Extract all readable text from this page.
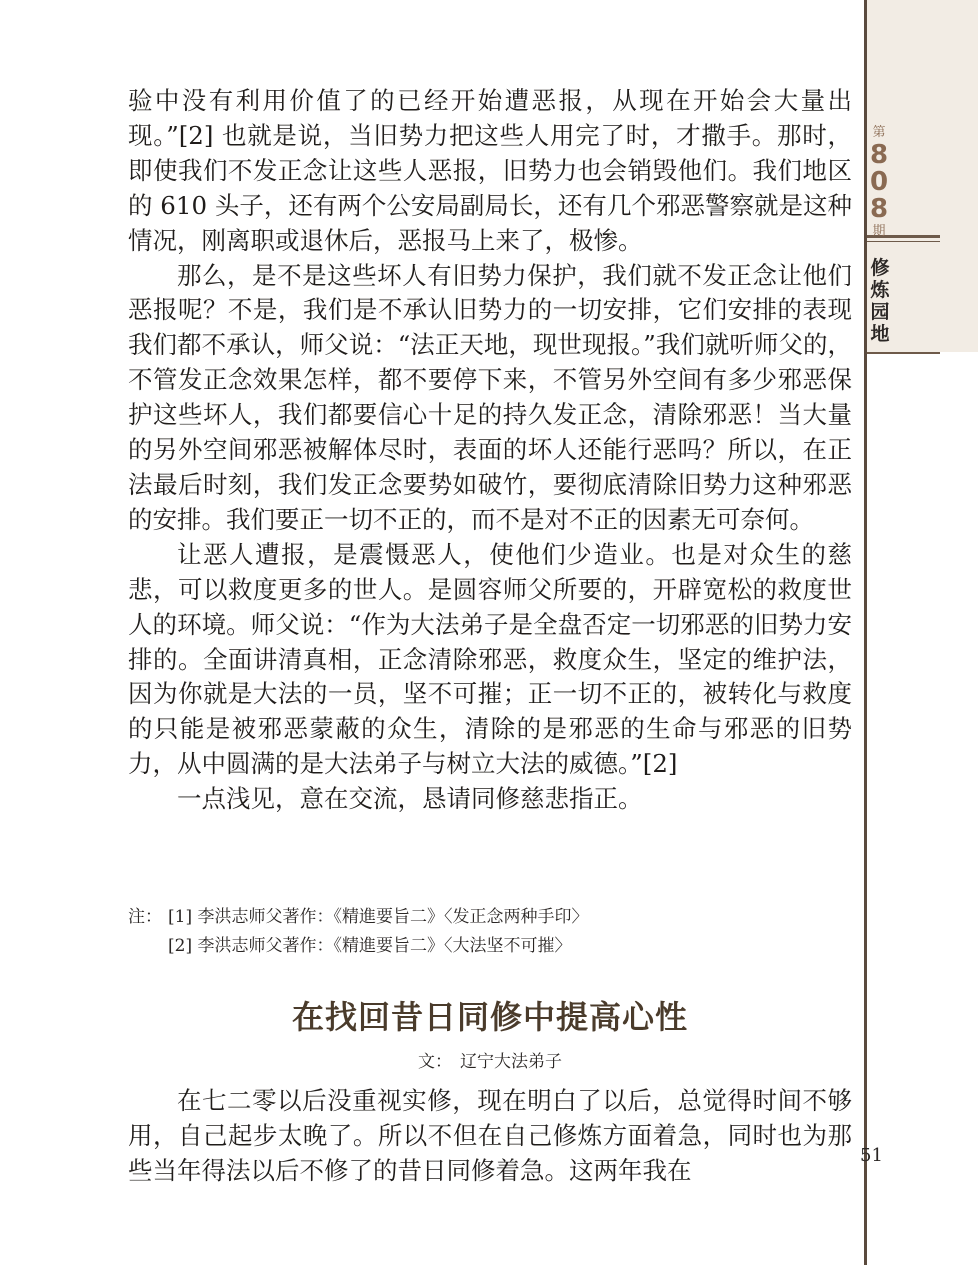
验中没有利用价值了的已经开始遭恶报，从现在开始会大量出现。”[2] 也就是说，当旧势力把这些人用完了时，才撒手。那时，即使我们不发正念让这些人恶报，旧势力也会销毁他们。我们地区的 610 头子，还有两个公安局副局长，还有几个邪恶警察就是这种情况，刚离职或退休后，恶报马上来了，极惨。

那么，是不是这些坏人有旧势力保护，我们就不发正念让他们恶报呢？不是，我们是不承认旧势力的一切安排，它们安排的表现我们都不承认，师父说：“法正天地，现世现报。”我们就听师父的，不管发正念效果怎样，都不要停下来，不管另外空间有多少邪恶保护这些坏人，我们都要信心十足的持久发正念，清除邪恶！当大量的另外空间邪恶被解体尽时，表面的坏人还能行恶吗？所以，在正法最后时刻，我们发正念要势如破竹，要彻底清除旧势力这种邪恶的安排。我们要正一切不正的，而不是对不正的因素无可奈何。

让恶人遭报，是震慑恶人，使他们少造业。也是对众生的慈悲，可以救度更多的世人。是圆容师父所要的，开辟宽松的救度世人的环境。师父说：“作为大法弟子是全盘否定一切邪恶的旧势力安排的。全面讲清真相，正念清除邪恶，救度众生，坚定的维护法，因为你就是大法的一员，坚不可摧；正一切不正的，被转化与救度的只能是被邪恶蒙蔽的众生，清除的是邪恶的生命与邪恶的旧势力，从中圆满的是大法弟子与树立大法的威德。”[2]

一点浅见，意在交流，恳请同修慈悲指正。

注： [1] 李洪志师父著作：《精進要旨二》〈发正念两种手印〉
[2] 李洪志师父著作：《精進要旨二》〈大法坚不可摧〉
在找回昔日同修中提高心性
文： 辽宁大法弟子

在七二零以后没重视实修，现在明白了以后，总觉得时间不够用，自己起步太晚了。所以不但在自己修炼方面着急，同时也为那些当年得法以后不修了的昔日同修着急。这两年我在

第
8
0
8
期
修
炼
园
地
51
